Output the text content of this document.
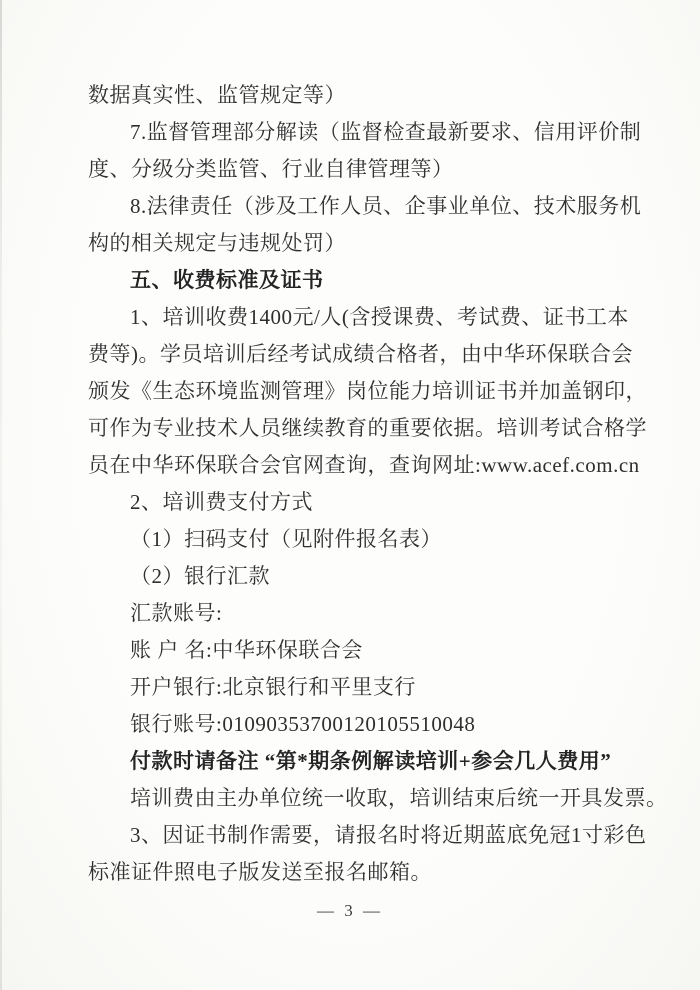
数据真实性、监管规定等）
7.监督管理部分解读（监督检查最新要求、信用评价制
度、分级分类监管、行业自律管理等）
8.法律责任（涉及工作人员、企事业单位、技术服务机
构的相关规定与违规处罚）
五、收费标准及证书
1、培训收费1400元/人(含授课费、考试费、证书工本
费等)。学员培训后经考试成绩合格者，由中华环保联合会
颁发《生态环境监测管理》岗位能力培训证书并加盖钢印，
可作为专业技术人员继续教育的重要依据。培训考试合格学
员在中华环保联合会官网查询，查询网址:www.acef.com.cn
2、培训费支付方式
（1）扫码支付（见附件报名表）
（2）银行汇款
汇款账号:
账 户 名:中华环保联合会
开户银行:北京银行和平里支行
银行账号:01090353700120105510048
付款时请备注 “第*期条例解读培训+参会几人费用”
培训费由主办单位统一收取，培训结束后统一开具发票。
3、因证书制作需要，请报名时将近期蓝底免冠1寸彩色
标准证件照电子版发送至报名邮箱。
— 3 —
